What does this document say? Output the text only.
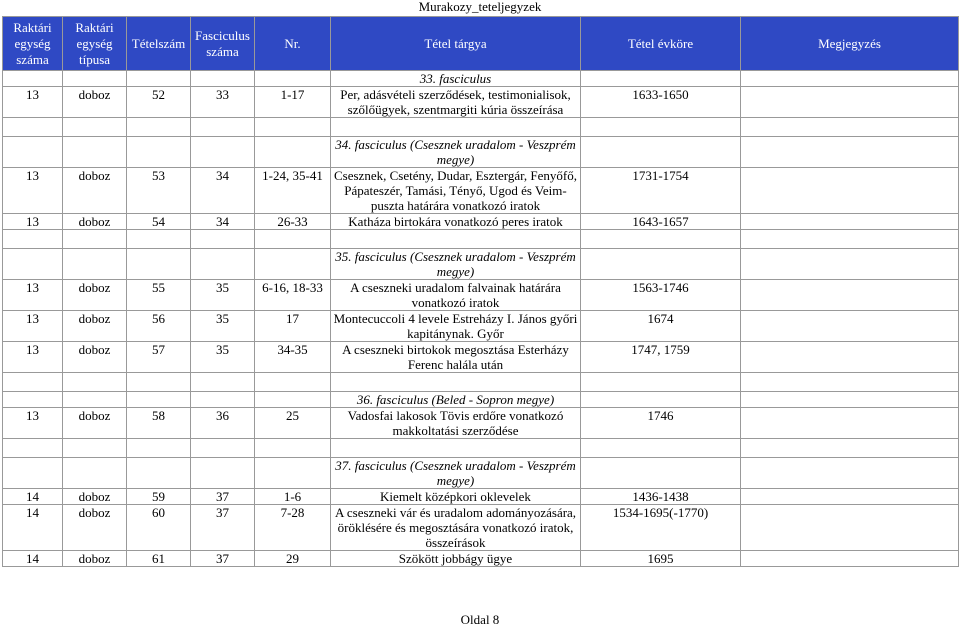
Murakozy_teteljegyzek
Raktári egység száma	Raktári egység típusa	Tételszám	Fasciculus száma	Nr.	Tétel tárgya	Tétel évköre	Megjegyzés
					33. fasciculus		
13	doboz	52	33	1-17	Per, adásvételi szerződések, testimonialisok, szőlőügyek, szentmargiti kúria összeírása	1633-1650	

					34. fasciculus (Csesznek uradalom - Veszprém megye)		
13	doboz	53	34	1-24, 35-41	Csesznek, Csetény, Dudar, Esztergár, Fenyőfő, Pápateszér, Tamási, Tényő, Ugod és Veim-puszta határára vonatkozó iratok	1731-1754	
13	doboz	54	34	26-33	Katháza birtokára vonatkozó peres iratok	1643-1657	

					35. fasciculus (Csesznek uradalom - Veszprém megye)		
13	doboz	55	35	6-16, 18-33	A cseszneki uradalom falvainak határára vonatkozó iratok	1563-1746	
13	doboz	56	35	17	Montecuccoli 4 levele Estreházy I. János győri kapitánynak. Győr	1674	
13	doboz	57	35	34-35	A cseszneki birtokok megosztása Esterházy Ferenc halála után	1747, 1759	

					36. fasciculus (Beled - Sopron megye)		
13	doboz	58	36	25	Vadosfai lakosok Tövis erdőre vonatkozó makkoltatási szerződése	1746	

					37. fasciculus (Csesznek uradalom - Veszprém megye)		
14	doboz	59	37	1-6	Kiemelt középkori oklevelek	1436-1438	
14	doboz	60	37	7-28	A cseszneki vár és uradalom adományozására, öröklésére és megosztására vonatkozó iratok, összeírások	1534-1695(-1770)	
14	doboz	61	37	29	Szökött jobbágy ügye	1695	
Oldal 8
